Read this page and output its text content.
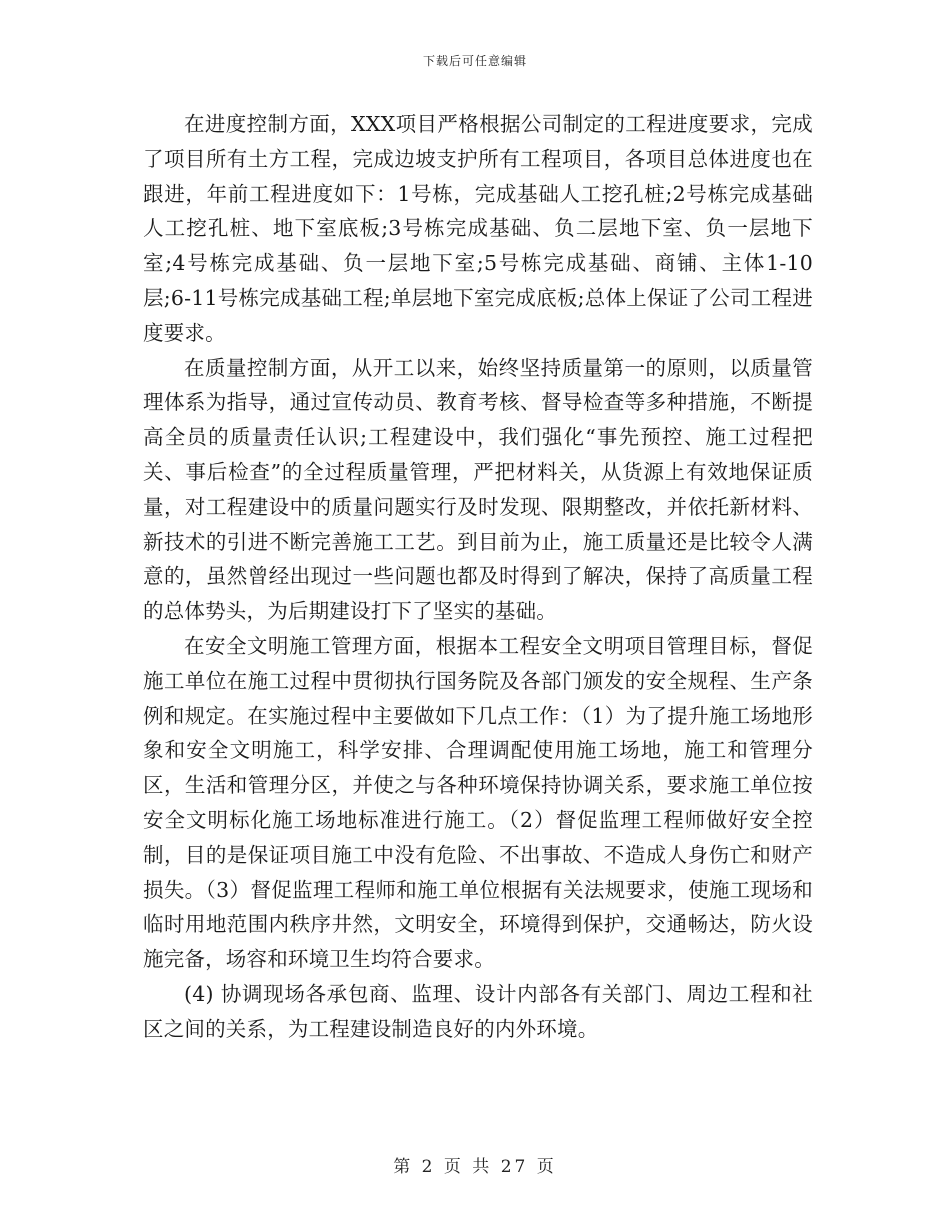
下载后可任意编辑

在进度控制方面，XXX项目严格根据公司制定的工程进度要求，完成了项目所有土方工程，完成边坡支护所有工程项目，各项目总体进度也在跟进，年前工程进度如下：1号栋，完成基础人工挖孔桩;2号栋完成基础人工挖孔桩、地下室底板;3号栋完成基础、负二层地下室、负一层地下室;4号栋完成基础、负一层地下室;5号栋完成基础、商铺、主体1-10层;6-11号栋完成基础工程;单层地下室完成底板;总体上保证了公司工程进度要求。

在质量控制方面，从开工以来，始终坚持质量第一的原则，以质量管理体系为指导，通过宣传动员、教育考核、督导检查等多种措施，不断提高全员的质量责任认识;工程建设中，我们强化“事先预控、施工过程把关、事后检查”的全过程质量管理，严把材料关，从货源上有效地保证质量，对工程建设中的质量问题实行及时发现、限期整改，并依托新材料、新技术的引进不断完善施工工艺。到目前为止，施工质量还是比较令人满意的，虽然曾经出现过一些问题也都及时得到了解决，保持了高质量工程的总体势头，为后期建设打下了坚实的基础。

在安全文明施工管理方面，根据本工程安全文明项目管理目标，督促施工单位在施工过程中贯彻执行国务院及各部门颁发的安全规程、生产条例和规定。在实施过程中主要做如下几点工作：（1）为了提升施工场地形象和安全文明施工，科学安排、合理调配使用施工场地，施工和管理分区，生活和管理分区，并使之与各种环境保持协调关系，要求施工单位按安全文明标化施工场地标准进行施工。（2）督促监理工程师做好安全控制，目的是保证项目施工中没有危险、不出事故、不造成人身伤亡和财产损失。（3）督促监理工程师和施工单位根据有关法规要求，使施工现场和临时用地范围内秩序井然，文明安全，环境得到保护，交通畅达，防火设施完备，场容和环境卫生均符合要求。

(4) 协调现场各承包商、监理、设计内部各有关部门、周边工程和社区之间的关系，为工程建设制造良好的内外环境。

第 2 页 共 27 页
